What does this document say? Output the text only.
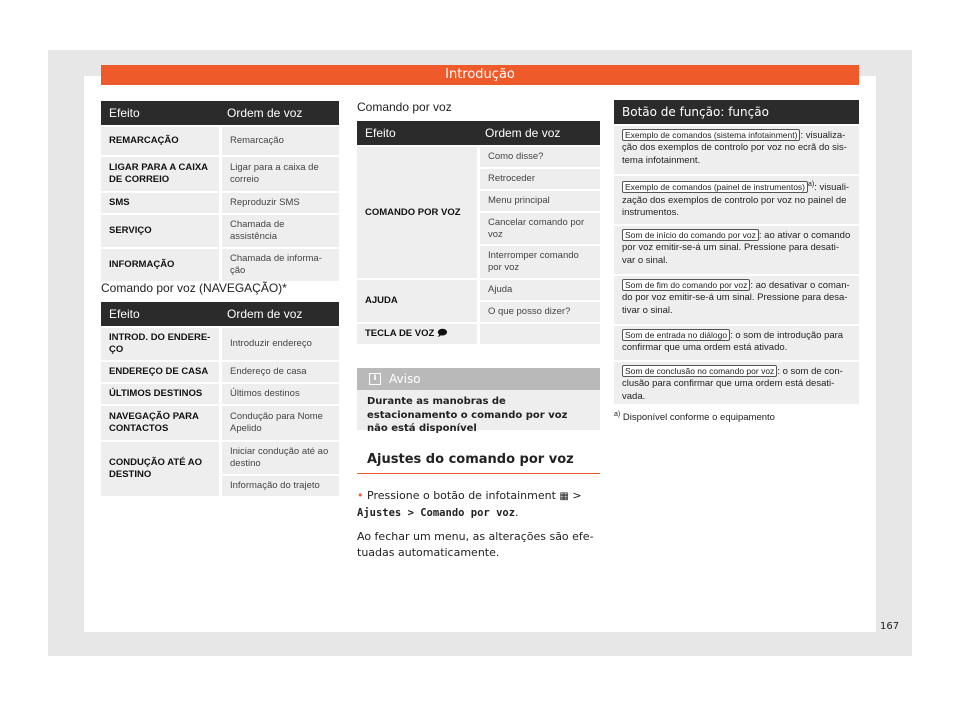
Introdução
Efeito	Ordem de voz
REMARCAÇÃO	Remarcação
LIGAR PARA A CAIXA DE CORREIO	Ligar para a caixa de correio
SMS	Reproduzir SMS
SERVIÇO	Chamada de assistência
INFORMAÇÃO	Chamada de informa-ção
Comando por voz (NAVEGAÇÃO)*
Efeito	Ordem de voz
INTROD. DO ENDERE-ÇO	Introduzir endereço
ENDEREÇO DE CASA	Endereço de casa
ÚLTIMOS DESTINOS	Últimos destinos
NAVEGAÇÃO PARA CONTACTOS	Condução para Nome Apelido
CONDUÇÃO ATÉ AO DESTINO	Iniciar condução até ao destino
	Informação do trajeto
Comando por voz
Efeito	Ordem de voz
COMANDO POR VOZ	Como disse?
	Retroceder
	Menu principal
	Cancelar comando por voz
	Interromper comando por voz
AJUDA	Ajuda
	O que posso dizer?
TECLA DE VOZ 🗩	
i	Aviso
Durante as manobras de estacionamento o comando por voz não está disponível
Ajustes do comando por voz
• Pressione o botão de infotainment ▦ > Ajustes > Comando por voz.
Ao fechar um menu, as alterações são efe-tuadas automaticamente.
Botão de função: função
Exemplo de comandos (sistema infotainment) : visualiza-ção dos exemplos de controlo por voz no ecrã do sis-tema infotainment.
Exemplo de comandos (painel de instrumentos) $^{a)}$: visuali-zação dos exemplos de controlo por voz no painel de instrumentos.
Som de início do comando por voz : ao ativar o comando por voz emitir-se-á um sinal. Pressione para desati-var o sinal.
Som de fim do comando por voz : ao desativar o coman-do por voz emitir-se-á um sinal. Pressione para desa-tivar o sinal.
Som de entrada no diálogo : o som de introdução para confirmar que uma ordem está ativado.
Som de conclusão no comando por voz : o som de con-clusão para confirmar que uma ordem está desati-vada.
$^{a)}$ Disponível conforme o equipamento
167
